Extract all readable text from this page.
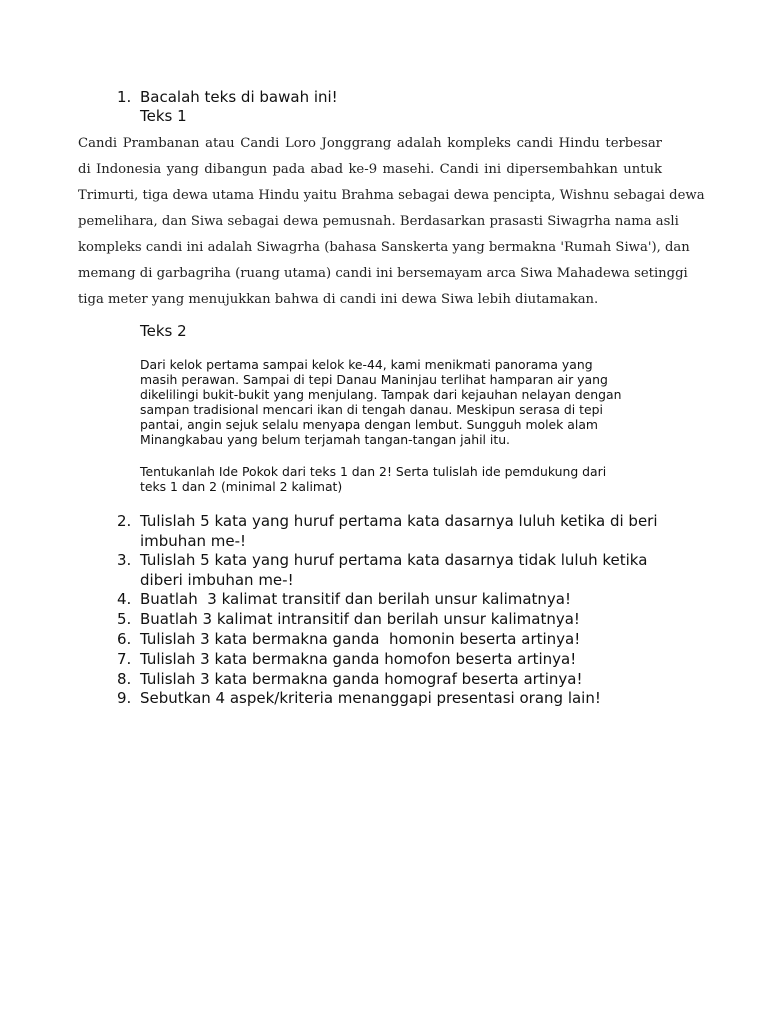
1. Bacalah teks di bawah ini!
Teks 1
Candi Prambanan atau Candi Loro Jonggrang adalah kompleks candi Hindu terbesar
di Indonesia yang dibangun pada abad ke-9 masehi. Candi ini dipersembahkan untuk
Trimurti, tiga dewa utama Hindu yaitu Brahma sebagai dewa pencipta, Wishnu sebagai dewa
pemelihara, dan Siwa sebagai dewa pemusnah. Berdasarkan prasasti Siwagrha nama asli
kompleks candi ini adalah Siwagrha (bahasa Sanskerta yang bermakna 'Rumah Siwa'), dan
memang di garbagriha (ruang utama) candi ini bersemayam arca Siwa Mahadewa setinggi
tiga meter yang menujukkan bahwa di candi ini dewa Siwa lebih diutamakan.
Teks 2
Dari kelok pertama sampai kelok ke-44, kami menikmati panorama yang
masih perawan. Sampai di tepi Danau Maninjau terlihat hamparan air yang
dikelilingi bukit-bukit yang menjulang. Tampak dari kejauhan nelayan dengan
sampan tradisional mencari ikan di tengah danau. Meskipun serasa di tepi
pantai, angin sejuk selalu menyapa dengan lembut. Sungguh molek alam
Minangkabau yang belum terjamah tangan-tangan jahil itu.
Tentukanlah Ide Pokok dari teks 1 dan 2! Serta tulislah ide pemdukung dari
teks 1 dan 2 (minimal 2 kalimat)
2. Tulislah 5 kata yang huruf pertama kata dasarnya luluh ketika di beri
imbuhan me-!
3. Tulislah 5 kata yang huruf pertama kata dasarnya tidak luluh ketika
diberi imbuhan me-!
4. Buatlah  3 kalimat transitif dan berilah unsur kalimatnya!
5. Buatlah 3 kalimat intransitif dan berilah unsur kalimatnya!
6. Tulislah 3 kata bermakna ganda  homonin beserta artinya!
7. Tulislah 3 kata bermakna ganda homofon beserta artinya!
8. Tulislah 3 kata bermakna ganda homograf beserta artinya!
9. Sebutkan 4 aspek/kriteria menanggapi presentasi orang lain!
